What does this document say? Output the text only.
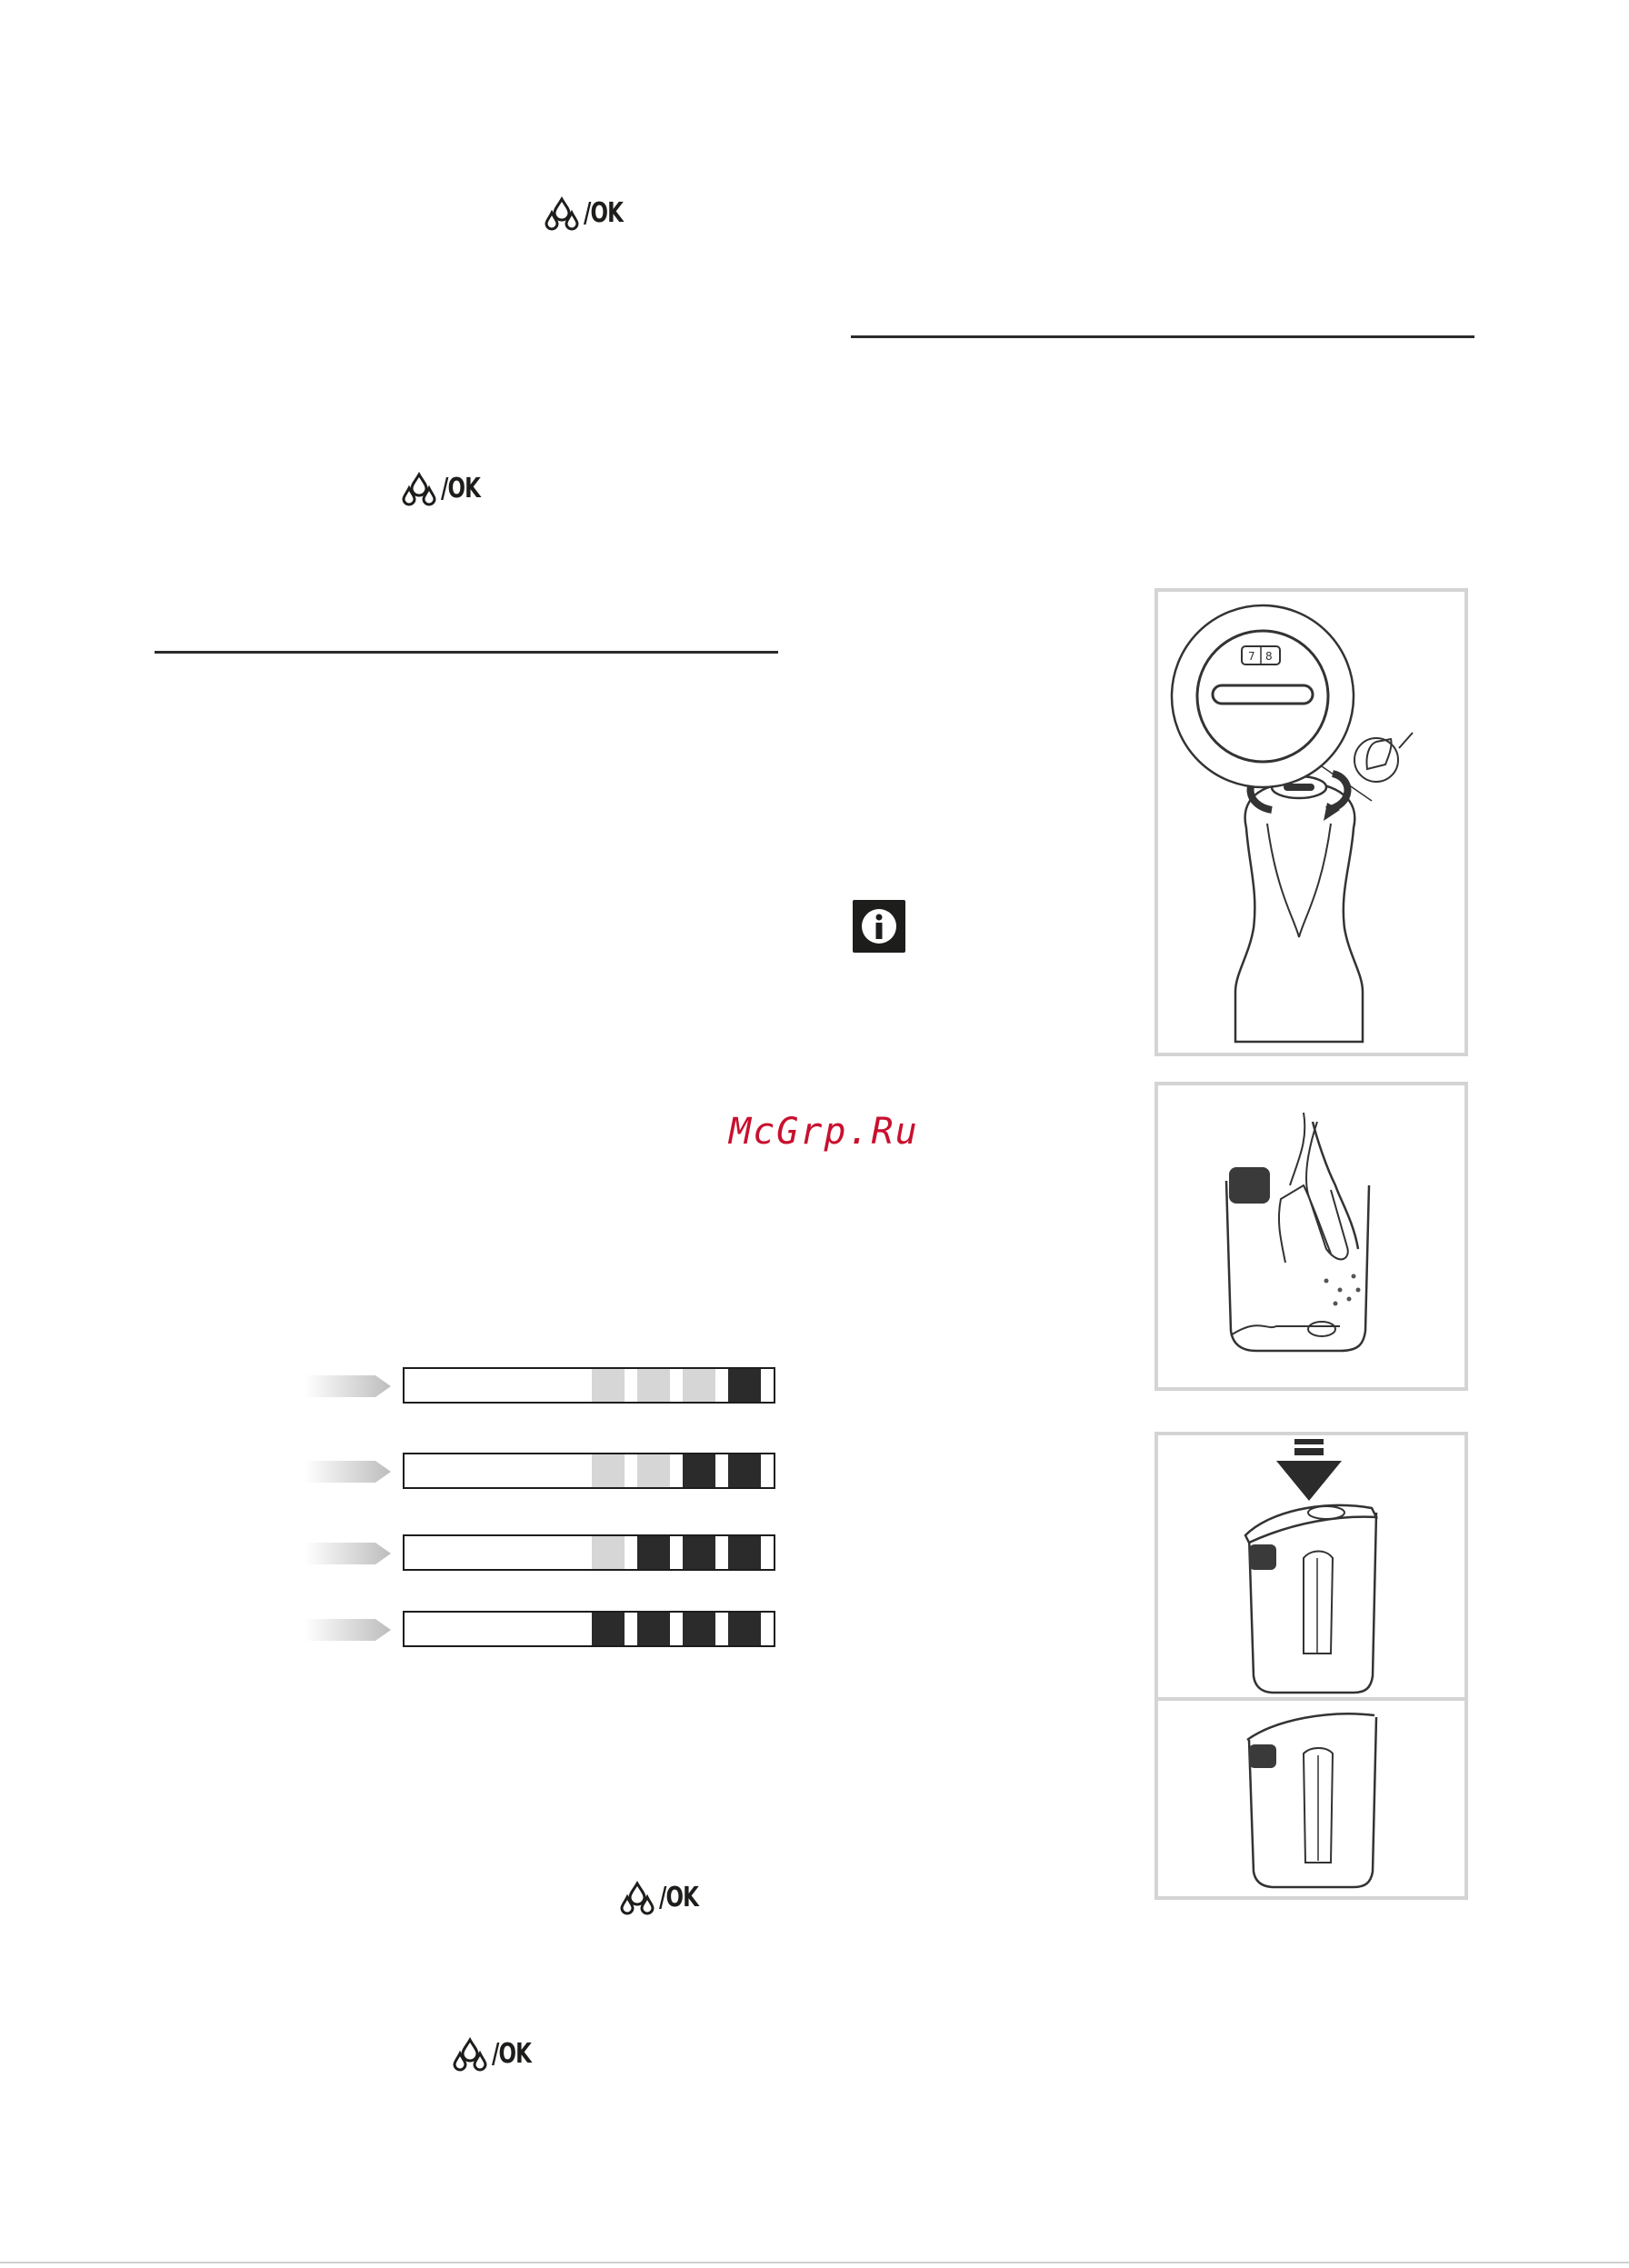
/OK
/OK
/OK
/OK
McGrp.Ru
7 8
